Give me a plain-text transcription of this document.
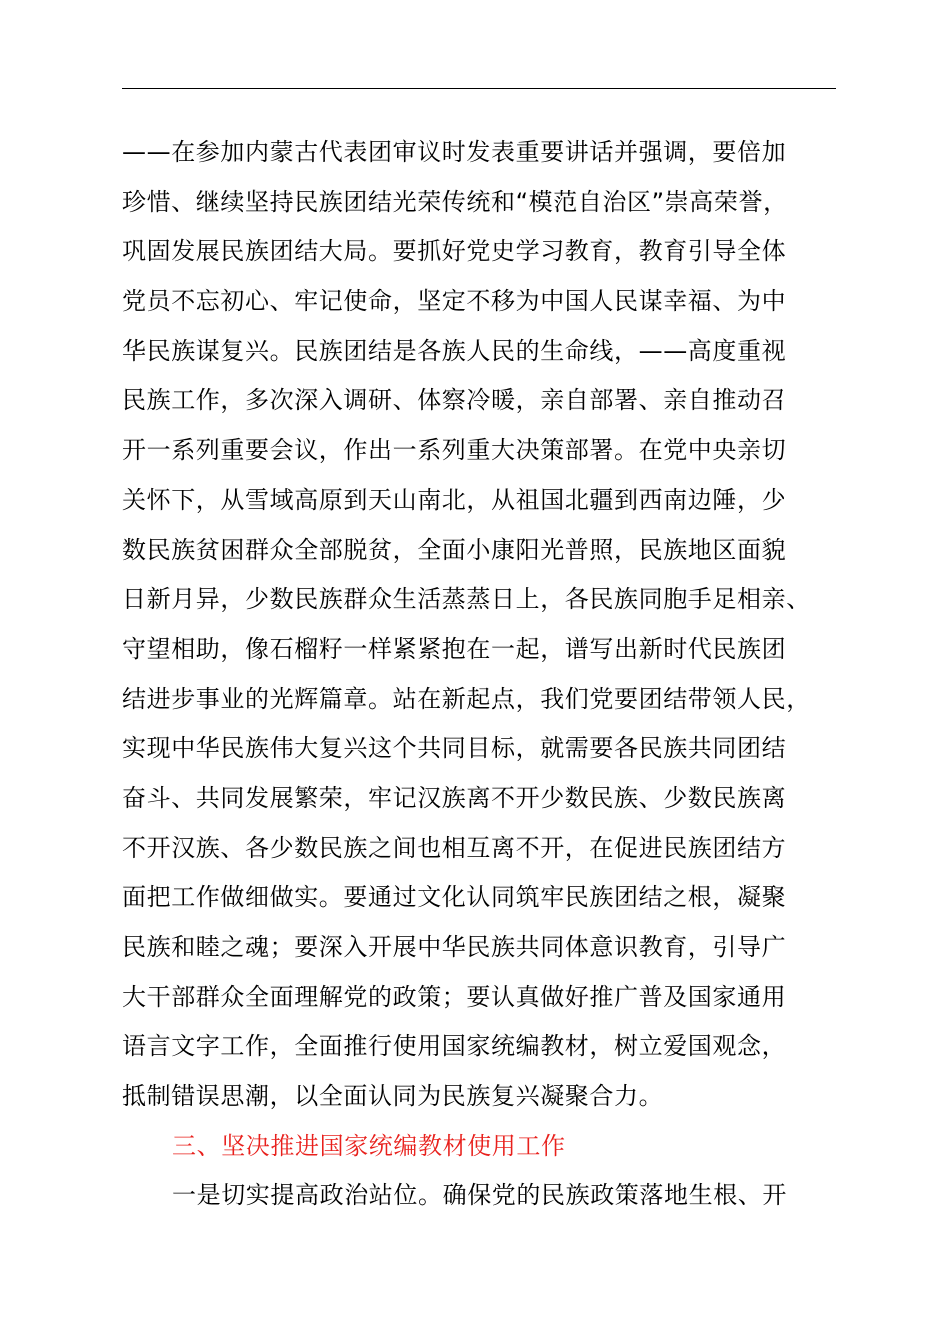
——在参加内蒙古代表团审议时发表重要讲话并强调，要倍加
珍惜、继续坚持民族团结光荣传统和“模范自治区”崇高荣誉，
巩固发展民族团结大局。要抓好党史学习教育，教育引导全体
党员不忘初心、牢记使命，坚定不移为中国人民谋幸福、为中
华民族谋复兴。民族团结是各族人民的生命线，——高度重视
民族工作，多次深入调研、体察冷暖，亲自部署、亲自推动召
开一系列重要会议，作出一系列重大决策部署。在党中央亲切
关怀下，从雪域高原到天山南北，从祖国北疆到西南边陲，少
数民族贫困群众全部脱贫，全面小康阳光普照，民族地区面貌
日新月异，少数民族群众生活蒸蒸日上，各民族同胞手足相亲、
守望相助，像石榴籽一样紧紧抱在一起，谱写出新时代民族团
结进步事业的光辉篇章。站在新起点，我们党要团结带领人民，
实现中华民族伟大复兴这个共同目标，就需要各民族共同团结
奋斗、共同发展繁荣，牢记汉族离不开少数民族、少数民族离
不开汉族、各少数民族之间也相互离不开，在促进民族团结方
面把工作做细做实。要通过文化认同筑牢民族团结之根，凝聚
民族和睦之魂；要深入开展中华民族共同体意识教育，引导广
大干部群众全面理解党的政策；要认真做好推广普及国家通用
语言文字工作，全面推行使用国家统编教材，树立爱国观念，
抵制错误思潮，以全面认同为民族复兴凝聚合力。
三、坚决推进国家统编教材使用工作
一是切实提高政治站位。确保党的民族政策落地生根、开
